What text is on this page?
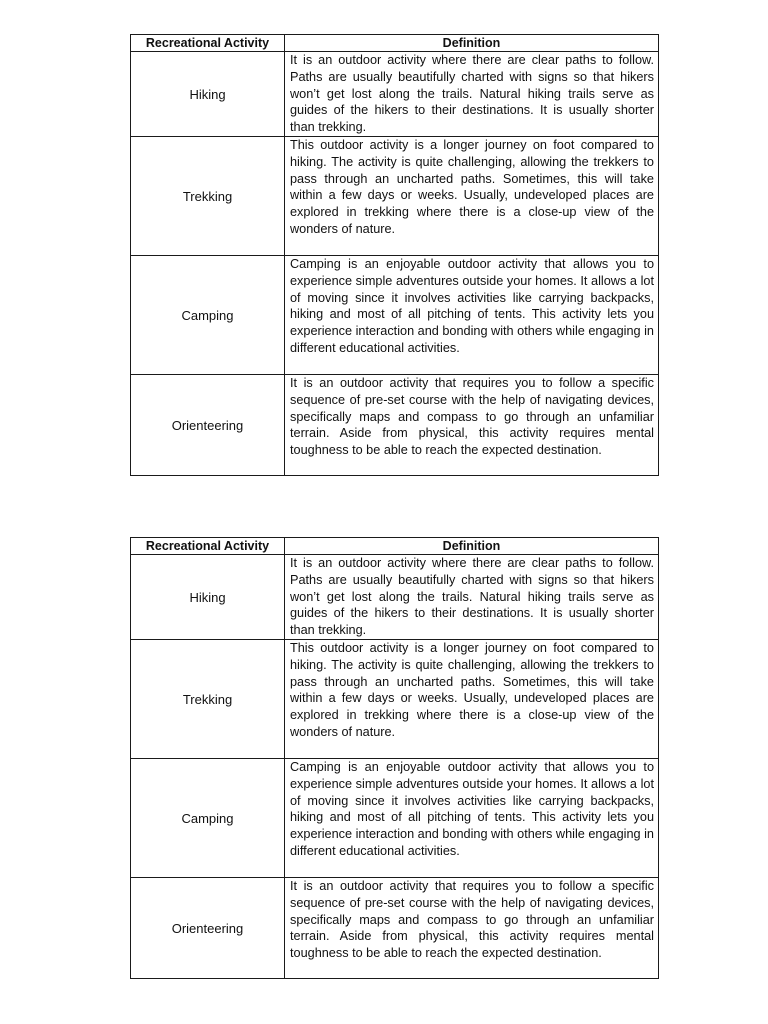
Recreational Activity	Definition
Hiking	It is an outdoor activity where there are clear paths to follow. Paths are usually beautifully charted with signs so that hikers won’t get lost along the trails. Natural hiking trails serve as guides of the hikers to their destinations. It is usually shorter than trekking.
Trekking	This outdoor activity is a longer journey on foot compared to hiking. The activity is quite challenging, allowing the trekkers to pass through an uncharted paths. Sometimes, this will take within a few days or weeks. Usually, undeveloped places are explored in trekking where there is a close-up view of the wonders of nature.
Camping	Camping is an enjoyable outdoor activity that allows you to experience simple adventures outside your homes. It allows a lot of moving since it involves activities like carrying backpacks, hiking and most of all pitching of tents. This activity lets you experience interaction and bonding with others while engaging in different educational activities.
Orienteering	It is an outdoor activity that requires you to follow a specific sequence of pre-set course with the help of navigating devices, specifically maps and compass to go through an unfamiliar terrain. Aside from physical, this activity requires mental toughness to be able to reach the expected destination.
Recreational Activity	Definition
Hiking	It is an outdoor activity where there are clear paths to follow. Paths are usually beautifully charted with signs so that hikers won’t get lost along the trails. Natural hiking trails serve as guides of the hikers to their destinations. It is usually shorter than trekking.
Trekking	This outdoor activity is a longer journey on foot compared to hiking. The activity is quite challenging, allowing the trekkers to pass through an uncharted paths. Sometimes, this will take within a few days or weeks. Usually, undeveloped places are explored in trekking where there is a close-up view of the wonders of nature.
Camping	Camping is an enjoyable outdoor activity that allows you to experience simple adventures outside your homes. It allows a lot of moving since it involves activities like carrying backpacks, hiking and most of all pitching of tents. This activity lets you experience interaction and bonding with others while engaging in different educational activities.
Orienteering	It is an outdoor activity that requires you to follow a specific sequence of pre-set course with the help of navigating devices, specifically maps and compass to go through an unfamiliar terrain. Aside from physical, this activity requires mental toughness to be able to reach the expected destination.
